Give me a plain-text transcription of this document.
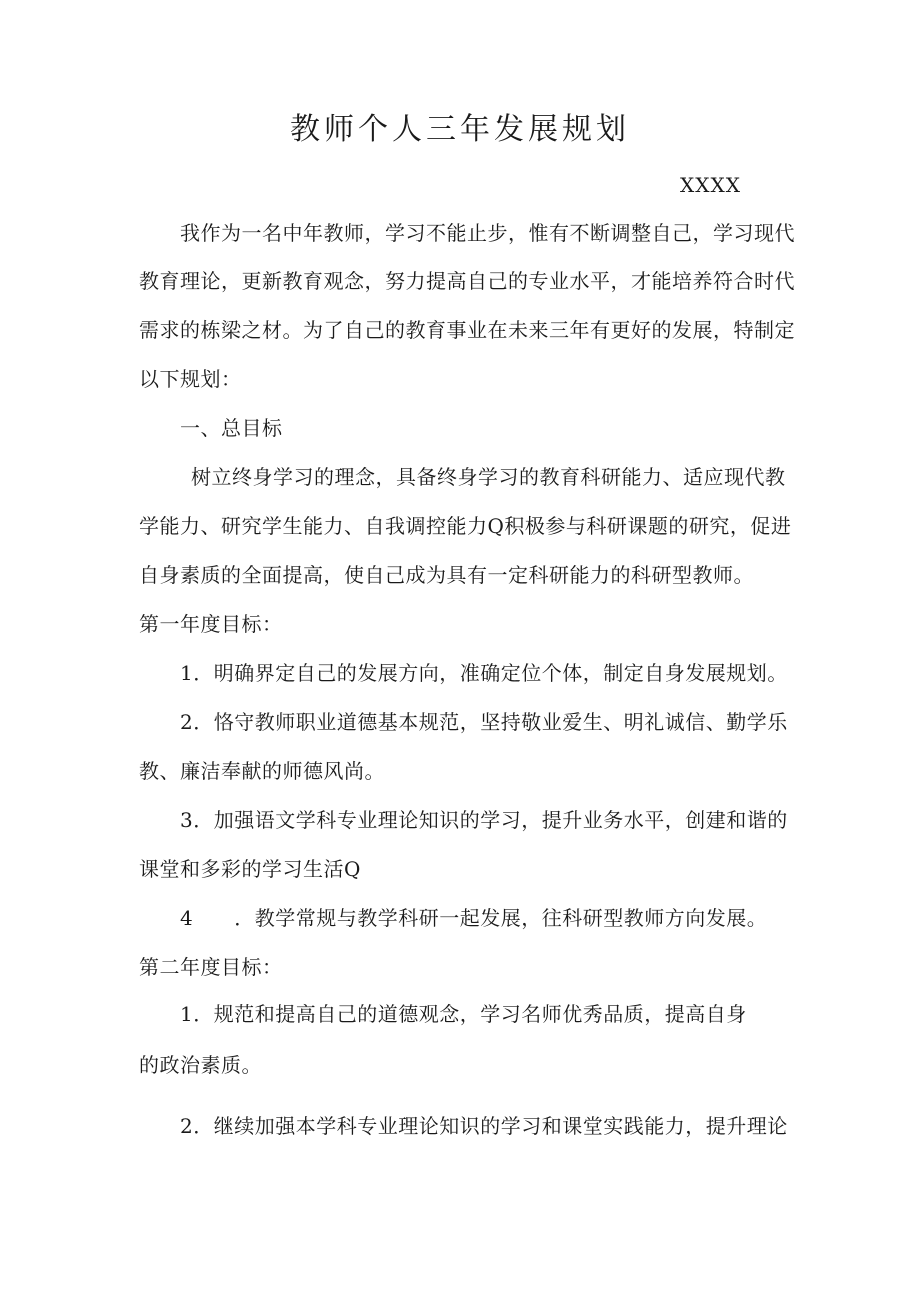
教师个人三年发展规划
XXXX
我作为一名中年教师，学习不能止步，惟有不断调整自己，学习现代
教育理论，更新教育观念，努力提高自己的专业水平，才能培养符合时代
需求的栋梁之材。为了自己的教育事业在未来三年有更好的发展，特制定
以下规划：
一、总目标
树立终身学习的理念，具备终身学习的教育科研能力、适应现代教
学能力、研究学生能力、自我调控能力Q积极参与科研课题的研究，促进
自身素质的全面提高，使自己成为具有一定科研能力的科研型教师。
第一年度目标：
1．明确界定自己的发展方向，准确定位个体，制定自身发展规划。
2．恪守教师职业道德基本规范，坚持敬业爱生、明礼诚信、勤学乐
教、廉洁奉献的师德风尚。
3．加强语文学科专业理论知识的学习，提升业务水平，创建和谐的
课堂和多彩的学习生活Q
4　　．教学常规与教学科研一起发展，往科研型教师方向发展。
第二年度目标：
1．规范和提高自己的道德观念，学习名师优秀品质，提高自身
的政治素质。
2．继续加强本学科专业理论知识的学习和课堂实践能力，提升理论
